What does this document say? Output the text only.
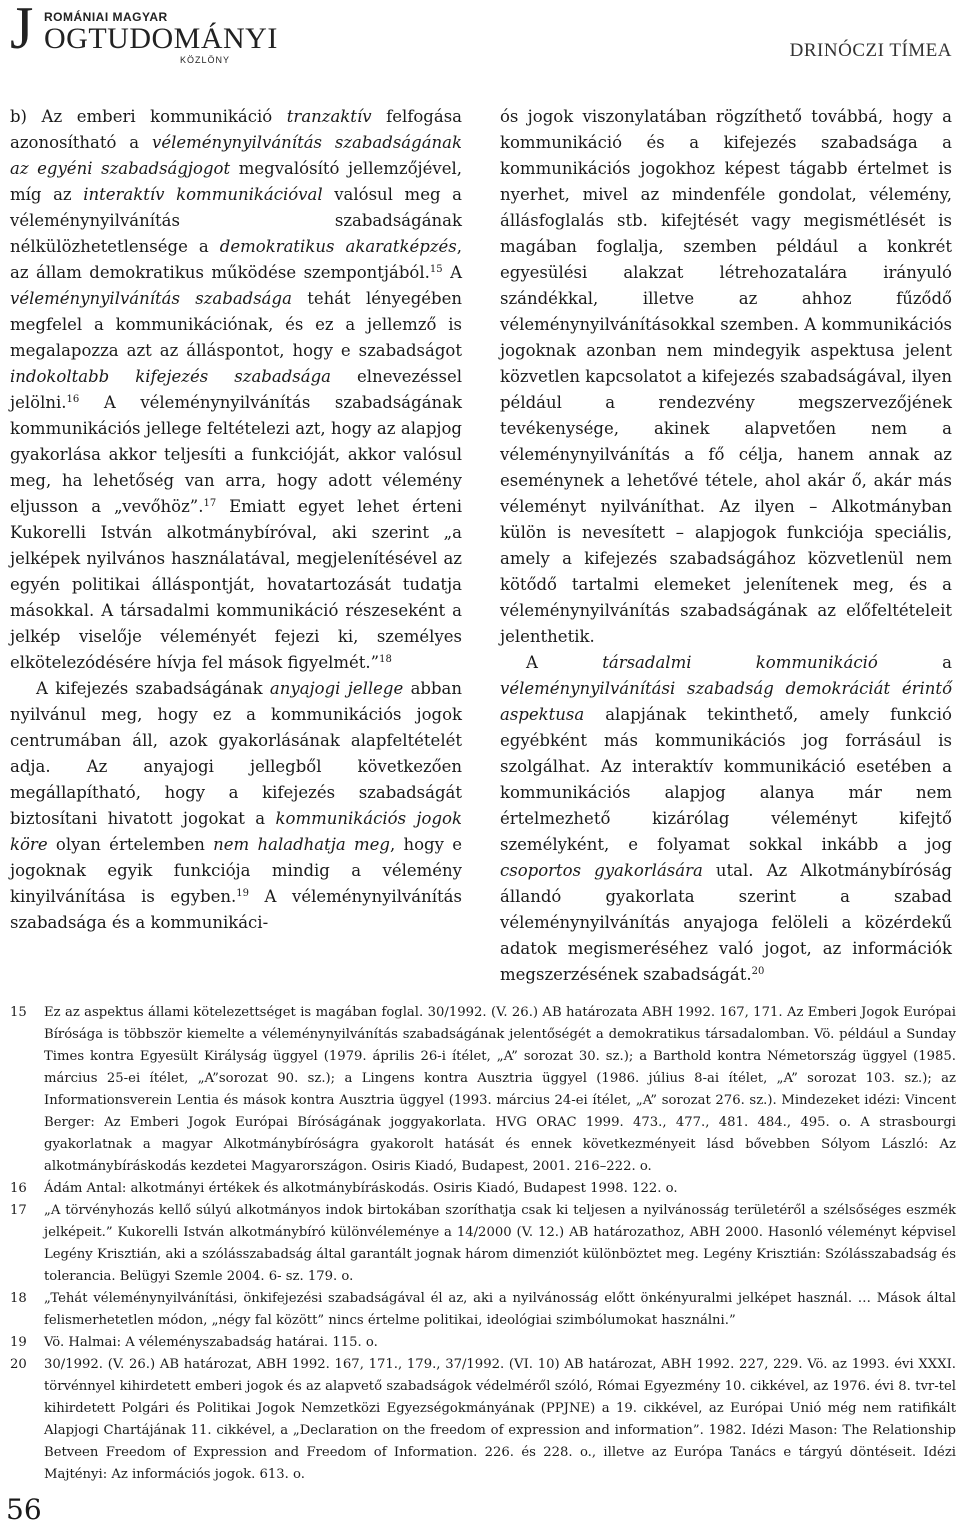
J ROMÁNIAI MAGYAR
OGTUDOMÁNYI
KÖZLÖNY	DRINÓCZI TÍMEA

b) Az emberi kommunikáció tranzaktív felfogása azonosítható a véleménynyilvánítás szabadságának az egyéni szabadságjogot megvalósító jellemzőjével, míg az interaktív kommunikációval valósul meg a véleménynyilvánítás szabadságának nélkülözhetetlensége a demokratikus akaratképzés, az állam demokratikus működése szempontjából.$^{15}$ A véleménynyilvánítás szabadsága tehát lényegében megfelel a kommunikációnak, és ez a jellemző is megalapozza azt az álláspontot, hogy e szabadságot indokoltabb kifejezés szabadsága elnevezéssel jelölni.$^{16}$ A véleménynyilvánítás szabadságának kommunikációs jellege feltételezi azt, hogy az alapjog gyakorlása akkor teljesíti a funkcióját, akkor valósul meg, ha lehetőség van arra, hogy adott vélemény eljusson a „vevőhöz”.$^{17}$ Emiatt egyet lehet érteni Kukorelli István alkotmánybíróval, aki szerint „a jelképek nyilvános használatával, megjelenítésével az egyén politikai álláspontját, hovatartozását tudatja másokkal. A társadalmi kommunikáció részeseként a jelkép viselője véleményét fejezi ki, személyes elkötelezódésére hívja fel mások figyelmét.”$^{18}$

A kifejezés szabadságának anyajogi jellege abban nyilvánul meg, hogy ez a kommunikációs jogok centrumában áll, azok gyakorlásának alapfeltételét adja. Az anyajogi jellegből következően megállapítható, hogy a kifejezés szabadságát biztosítani hivatott jogokat a kommunikációs jogok köre olyan értelemben nem haladhatja meg, hogy e jogoknak egyik funkciója mindig a vélemény kinyilvánítása is egyben.$^{19}$ A véleménynyilvánítás szabadsága és a kommunikáci-

ós jogok viszonylatában rögzíthető továbbá, hogy a kommunikáció és a kifejezés szabadsága a kommunikációs jogokhoz képest tágabb értelmet is nyerhet, mivel az mindenféle gondolat, vélemény, állásfoglalás stb. kifejtését vagy megismétlését is magában foglalja, szemben például a konkrét egyesülési alakzat létrehozatalára irányuló szándékkal, illetve az ahhoz fűződő véleménynyilvánításokkal szemben. A kommunikációs jogoknak azonban nem mindegyik aspektusa jelent közvetlen kapcsolatot a kifejezés szabadságával, ilyen például a rendezvény megszervezőjének tevékenysége, akinek alapvetően nem a véleménynyilvánítás a fő célja, hanem annak az eseménynek a lehetővé tétele, ahol akár ő, akár más véleményt nyilváníthat. Az ilyen – Alkotmányban külön is nevesített – alapjogok funkciója speciális, amely a kifejezés szabadságához közvetlenül nem kötődő tartalmi elemeket jelenítenek meg, és a véleménynyilvánítás szabadságának az előfeltételeit jelenthetik.

A társadalmi kommunikáció a véleménynyilvánítási szabadság demokráciát érintő aspektusa alapjának tekinthető, amely funkció egyébként más kommunikációs jog forrásául is szolgálhat. Az interaktív kommunikáció esetében a kommunikációs alapjog alanya már nem értelmezhető kizárólag véleményt kifejtő személyként, e folyamat sokkal inkább a jog csoportos gyakorlására utal. Az Alkotmánybíróság állandó gyakorlata szerint a szabad véleménynyilvánítás anyajoga felöleli a közérdekű adatok megismeréséhez való jogot, az információk megszerzésének szabadságát.$^{20}$

15	Ez az aspektus állami kötelezettséget is magában foglal. 30/1992. (V. 26.) AB határozata ABH 1992. 167, 171. Az Emberi Jogok Európai Bírósága is többször kiemelte a véleménynyilvánítás szabadságának jelentőségét a demokratikus társadalomban. Vö. például a Sunday Times kontra Egyesült Királyság üggyel (1979. április 26-i ítélet, „A” sorozat 30. sz.); a Barthold kontra Németország üggyel (1985. március 25-ei ítélet, „A”sorozat 90. sz.); a Lingens kontra Ausztria üggyel (1986. július 8-ai ítélet, „A” sorozat 103. sz.); az Informationsverein Lentia és mások kontra Ausztria üggyel (1993. március 24-ei ítélet, „A” sorozat 276. sz.). Mindezeket idézi: Vincent Berger: Az Emberi Jogok Európai Bíróságának joggyakorlata. HVG ORAC 1999. 473., 477., 481. 484., 495. o. A strasbourgi gyakorlatnak a magyar Alkotmánybíróságra gyakorolt hatását és ennek következményeit lásd bővebben Sólyom László: Az alkotmánybíráskodás kezdetei Magyarországon. Osiris Kiadó, Budapest, 2001. 216–222. o.
16	Ádám Antal: alkotmányi értékek és alkotmánybíráskodás. Osiris Kiadó, Budapest 1998. 122. o.
17	„A törvényhozás kellő súlyú alkotmányos indok birtokában szoríthatja csak ki teljesen a nyilvánosság területéről a szélsőséges eszmék jelképeit.” Kukorelli István alkotmánybíró különvéleménye a 14/2000 (V. 12.) AB határozathoz, ABH 2000. Hasonló véleményt képvisel Legény Krisztián, aki a szólásszabadság által garantált jognak három dimenziót különböztet meg. Legény Krisztián: Szólásszabadság és tolerancia. Belügyi Szemle 2004. 6- sz. 179. o.
18	„Tehát véleménynyilvánítási, önkifejezési szabadságával él az, aki a nyilvánosság előtt önkényuralmi jelképet használ. … Mások által felismerhetetlen módon, „négy fal között” nincs értelme politikai, ideológiai szimbólumokat használni.”
19	Vö. Halmai: A véleményszabadság határai. 115. o.
20	30/1992. (V. 26.) AB határozat, ABH 1992. 167, 171., 179., 37/1992. (VI. 10) AB határozat, ABH 1992. 227, 229. Vö. az 1993. évi XXXI. törvénnyel kihirdetett emberi jogok és az alapvető szabadságok védelméről szóló, Római Egyezmény 10. cikkével, az 1976. évi 8. tvr-tel kihirdetett Polgári és Politikai Jogok Nemzetközi Egyezségokmányának (PPJNE) a 19. cikkével, az Európai Unió még nem ratifikált Alapjogi Chartájának 11. cikkével, a „Declaration on the freedom of expression and information”. 1982. Idézi Mason: The Relationship Betveen Freedom of Expression and Freedom of Information. 226. és 228. o., illetve az Európa Tanács e tárgyú döntéseit. Idézi Majtényi: Az információs jogok. 613. o.
56
